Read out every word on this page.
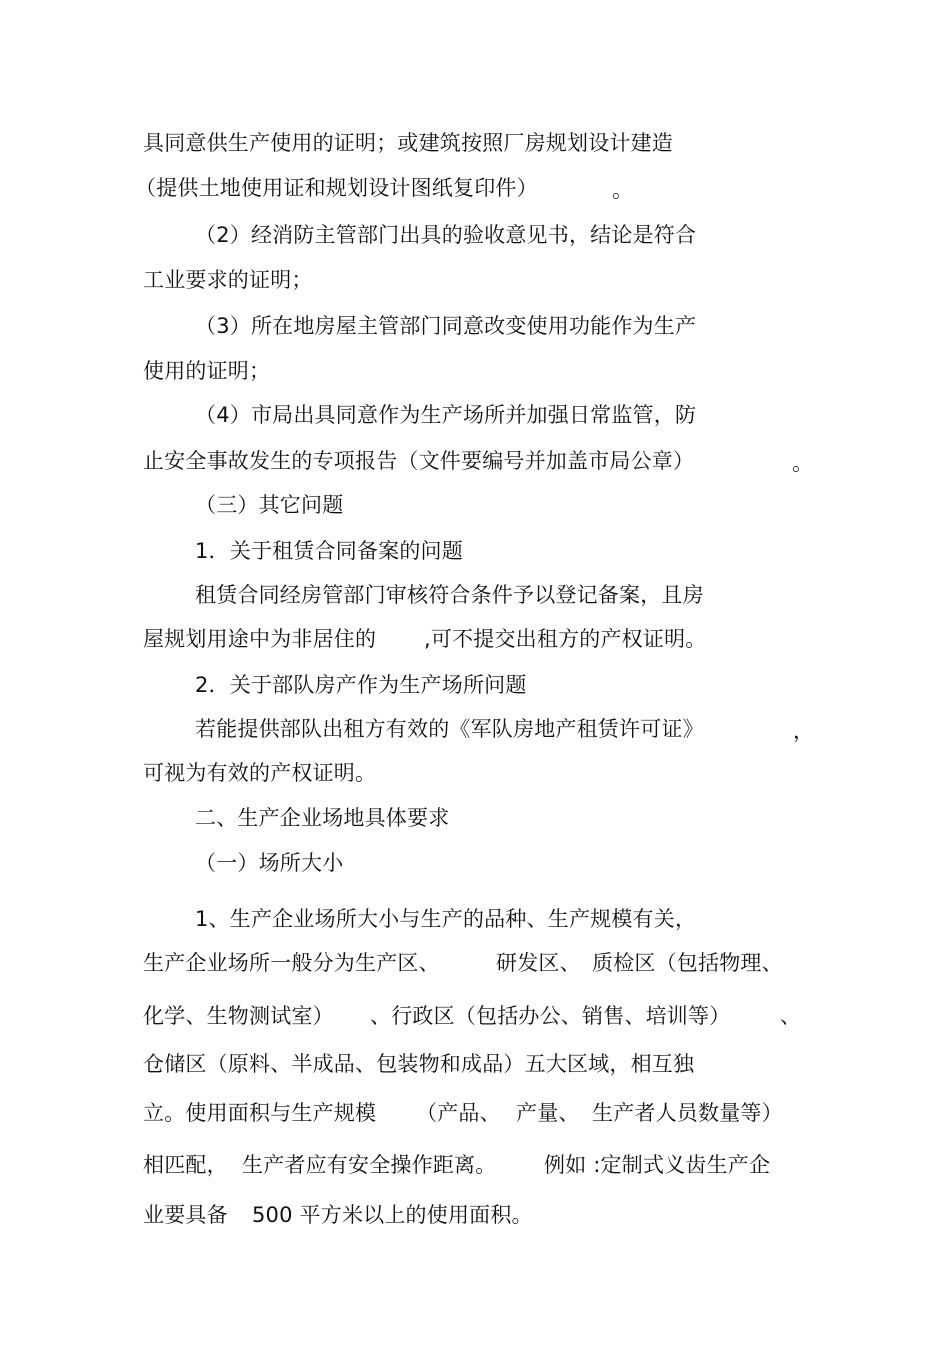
具同意供生产使用的证明；或建筑按照厂房规划设计建造
（提供土地使用证和规划设计图纸复印件）	。
（2）经消防主管部门出具的验收意见书，结论是符合
工业要求的证明；
（3）所在地房屋主管部门同意改变使用功能作为生产
使用的证明；
（4）市局出具同意作为生产场所并加强日常监管，防
止安全事故发生的专项报告（文件要编号并加盖市局公章）	。
（三）其它问题
1．关于租赁合同备案的问题
租赁合同经房管部门审核符合条件予以登记备案，且房
屋规划用途中为非居住的 ,可不提交出租方的产权证明。
2．关于部队房产作为生产场所问题
若能提供部队出租方有效的《军队房地产租赁许可证》	，
可视为有效的产权证明。
二、生产企业场地具体要求
（一）场所大小
1、生产企业场所大小与生产的品种、生产规模有关，
生产企业场所一般分为生产区、	研发区、 质检区（包括物理、
化学、生物测试室） 、行政区（包括办公、销售、培训等） 、
仓储区（原料、半成品、包装物和成品）五大区域，相互独
立。使用面积与生产规模 （产品、 产量、 生产者人员数量等）
相匹配， 生产者应有安全操作距离。 例如 :定制式义齿生产企
业要具备 500 平方米以上的使用面积。
